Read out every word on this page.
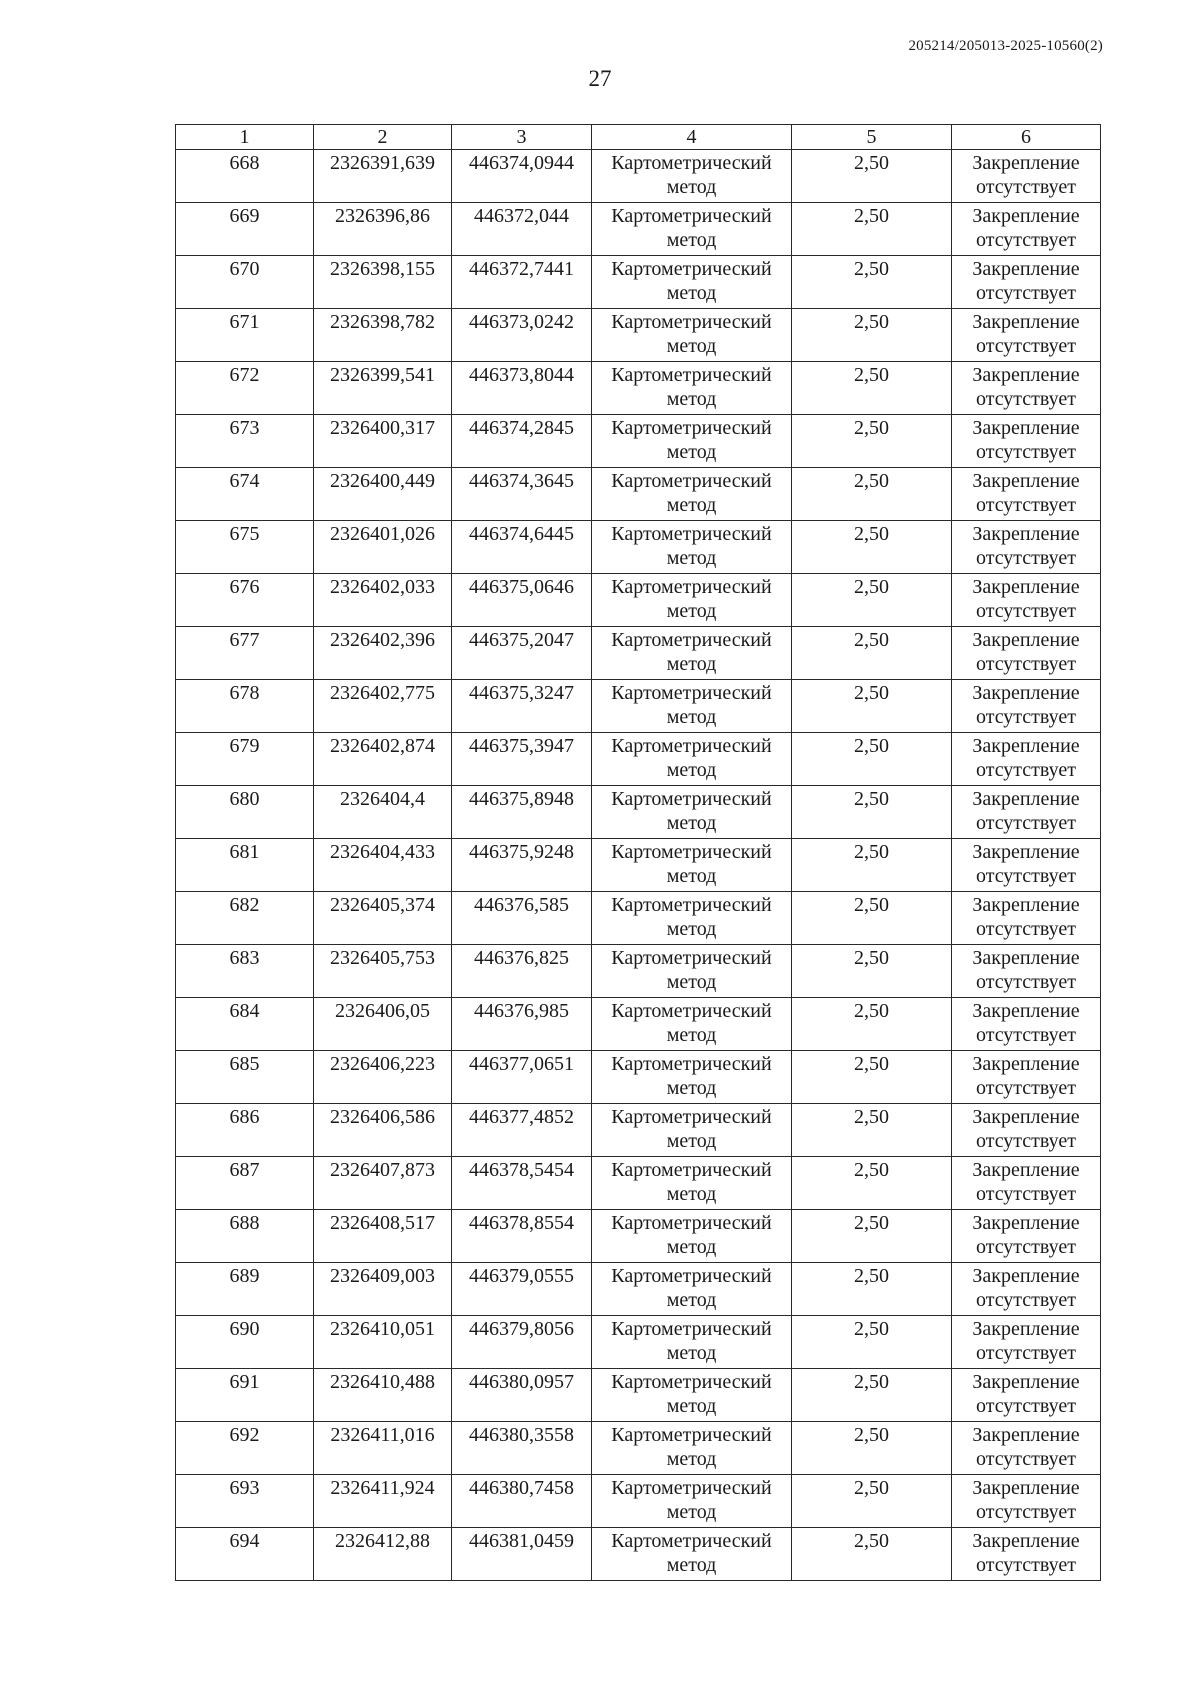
205214/205013-2025-10560(2)
27
1	2	3	4	5	6
668	2326391,639	446374,0944	Картометрический метод	2,50	Закрепление отсутствует
669	2326396,86	446372,044	Картометрический метод	2,50	Закрепление отсутствует
670	2326398,155	446372,7441	Картометрический метод	2,50	Закрепление отсутствует
671	2326398,782	446373,0242	Картометрический метод	2,50	Закрепление отсутствует
672	2326399,541	446373,8044	Картометрический метод	2,50	Закрепление отсутствует
673	2326400,317	446374,2845	Картометрический метод	2,50	Закрепление отсутствует
674	2326400,449	446374,3645	Картометрический метод	2,50	Закрепление отсутствует
675	2326401,026	446374,6445	Картометрический метод	2,50	Закрепление отсутствует
676	2326402,033	446375,0646	Картометрический метод	2,50	Закрепление отсутствует
677	2326402,396	446375,2047	Картометрический метод	2,50	Закрепление отсутствует
678	2326402,775	446375,3247	Картометрический метод	2,50	Закрепление отсутствует
679	2326402,874	446375,3947	Картометрический метод	2,50	Закрепление отсутствует
680	2326404,4	446375,8948	Картометрический метод	2,50	Закрепление отсутствует
681	2326404,433	446375,9248	Картометрический метод	2,50	Закрепление отсутствует
682	2326405,374	446376,585	Картометрический метод	2,50	Закрепление отсутствует
683	2326405,753	446376,825	Картометрический метод	2,50	Закрепление отсутствует
684	2326406,05	446376,985	Картометрический метод	2,50	Закрепление отсутствует
685	2326406,223	446377,0651	Картометрический метод	2,50	Закрепление отсутствует
686	2326406,586	446377,4852	Картометрический метод	2,50	Закрепление отсутствует
687	2326407,873	446378,5454	Картометрический метод	2,50	Закрепление отсутствует
688	2326408,517	446378,8554	Картометрический метод	2,50	Закрепление отсутствует
689	2326409,003	446379,0555	Картометрический метод	2,50	Закрепление отсутствует
690	2326410,051	446379,8056	Картометрический метод	2,50	Закрепление отсутствует
691	2326410,488	446380,0957	Картометрический метод	2,50	Закрепление отсутствует
692	2326411,016	446380,3558	Картометрический метод	2,50	Закрепление отсутствует
693	2326411,924	446380,7458	Картометрический метод	2,50	Закрепление отсутствует
694	2326412,88	446381,0459	Картометрический метод	2,50	Закрепление отсутствует
